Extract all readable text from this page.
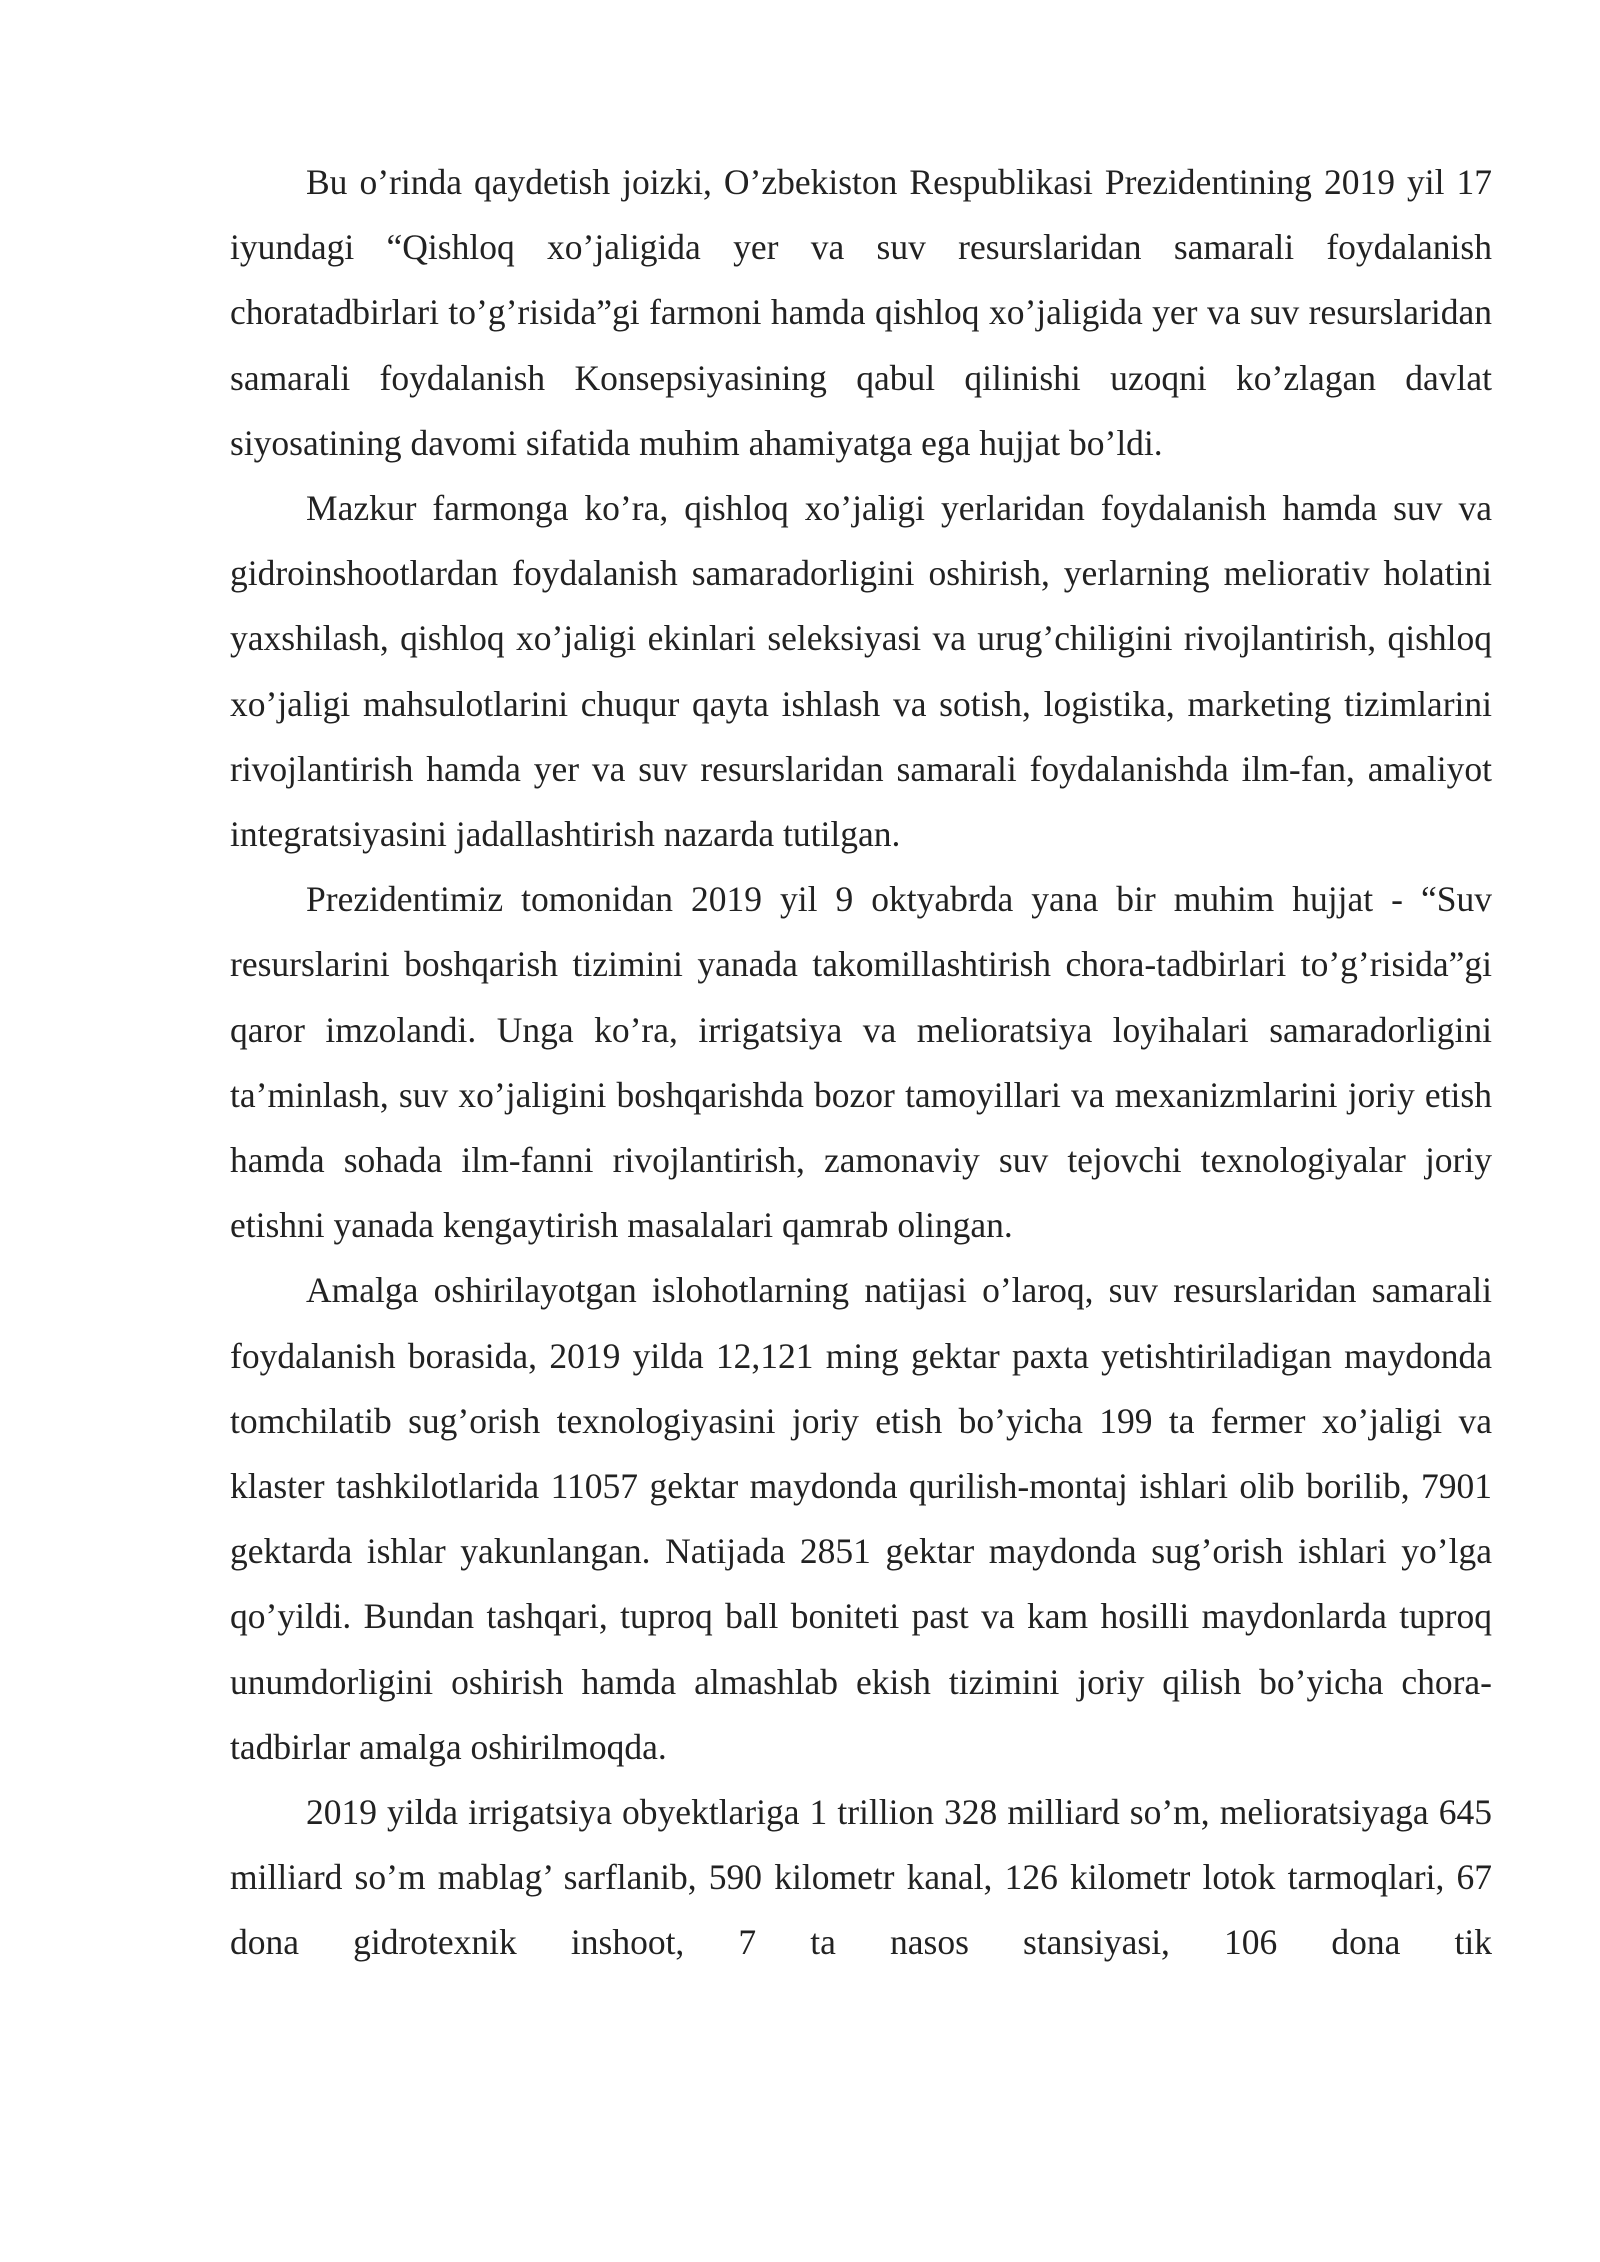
Bu o’rinda qaydetish joizki, O’zbekiston Respublikasi Prezidentining 2019 yil 17 iyundagi “Qishloq xo’jaligida yer va suv resurslaridan samarali foydalanish choratadbirlari to’g’risida”gi farmoni hamda qishloq xo’jaligida yer va suv resurslaridan samarali foydalanish Konsepsiyasining qabul qilinishi uzoqni ko’zlagan davlat siyosatining davomi sifatida muhim ahamiyatga ega hujjat bo’ldi.

Mazkur farmonga ko’ra, qishloq xo’jaligi yerlaridan foydalanish hamda suv va gidroinshootlardan foydalanish samaradorligini oshirish, yerlarning meliorativ holatini yaxshilash, qishloq xo’jaligi ekinlari seleksiyasi va urug’chiligini rivojlantirish, qishloq xo’jaligi mahsulotlarini chuqur qayta ishlash va sotish, logistika, marketing tizimlarini rivojlantirish hamda yer va suv resurslaridan samarali foydalanishda ilm-fan, amaliyot integratsiyasini jadallashtirish nazarda tutilgan.

Prezidentimiz tomonidan 2019 yil 9 oktyabrda yana bir muhim hujjat - “Suv resurslarini boshqarish tizimini yanada takomillashtirish chora-tadbirlari to’g’risida”gi qaror imzolandi. Unga ko’ra, irrigatsiya va melioratsiya loyihalari samaradorligini ta’minlash, suv xo’jaligini boshqarishda bozor tamoyillari va mexanizmlarini joriy etish hamda sohada ilm-fanni rivojlantirish, zamonaviy suv tejovchi texnologiyalar joriy etishni yanada kengaytirish masalalari qamrab olingan.

Amalga oshirilayotgan islohotlarning natijasi o’laroq, suv resurslaridan samarali foydalanish borasida, 2019 yilda 12,121 ming gektar paxta yetishtiriladigan maydonda tomchilatib sug’orish texnologiyasini joriy etish bo’yicha 199 ta fermer xo’jaligi va klaster tashkilotlarida 11057 gektar maydonda qurilish-montaj ishlari olib borilib, 7901 gektarda ishlar yakunlangan. Natijada 2851 gektar maydonda sug’orish ishlari yo’lga qo’yildi. Bundan tashqari, tuproq ball boniteti past va kam hosilli maydonlarda tuproq unumdorligini oshirish hamda almashlab ekish tizimini joriy qilish bo’yicha chora-tadbirlar amalga oshirilmoqda.

2019 yilda irrigatsiya obyektlariga 1 trillion 328 milliard so’m, melioratsiyaga 645 milliard so’m mablag’ sarflanib, 590 kilometr kanal, 126 kilometr lotok tarmoqlari, 67 dona gidrotexnik inshoot, 7 ta nasos stansiyasi, 106 dona tik
